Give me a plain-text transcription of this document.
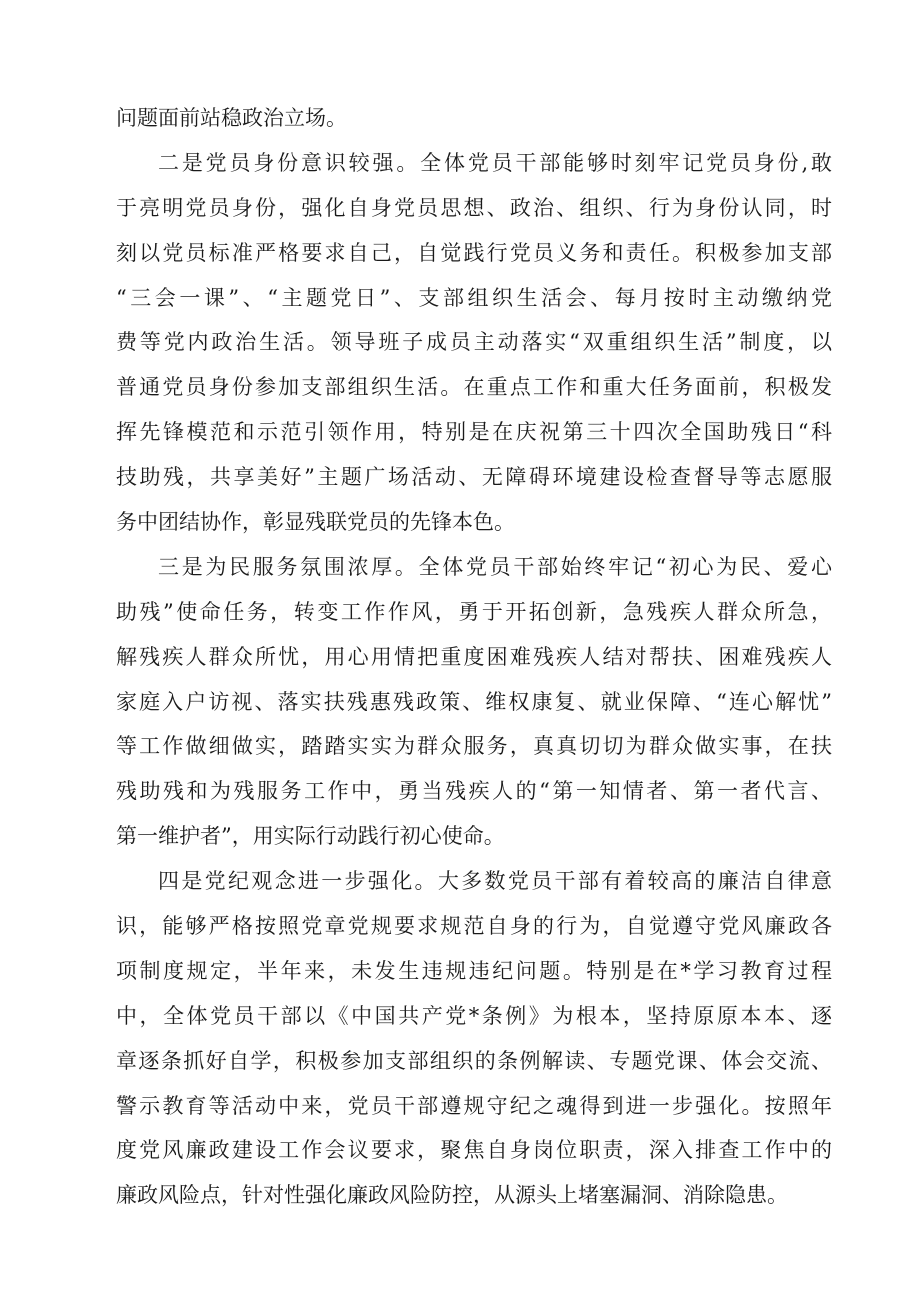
问题面前站稳政治立场。
二是党员身份意识较强。全体党员干部能够时刻牢记党员身份,敢
于亮明党员身份，强化自身党员思想、政治、组织、行为身份认同，时
刻以党员标准严格要求自己，自觉践行党员义务和责任。积极参加支部
“三会一课”、“主题党日”、支部组织生活会、每月按时主动缴纳党
费等党内政治生活。领导班子成员主动落实“双重组织生活”制度，以
普通党员身份参加支部组织生活。在重点工作和重大任务面前，积极发
挥先锋模范和示范引领作用，特别是在庆祝第三十四次全国助残日“科
技助残，共享美好”主题广场活动、无障碍环境建设检查督导等志愿服
务中团结协作，彰显残联党员的先锋本色。
三是为民服务氛围浓厚。全体党员干部始终牢记“初心为民、爱心
助残”使命任务，转变工作作风，勇于开拓创新，急残疾人群众所急，
解残疾人群众所忧，用心用情把重度困难残疾人结对帮扶、困难残疾人
家庭入户访视、落实扶残惠残政策、维权康复、就业保障、“连心解忧”
等工作做细做实，踏踏实实为群众服务，真真切切为群众做实事，在扶
残助残和为残服务工作中，勇当残疾人的“第一知情者、第一者代言、
第一维护者”，用实际行动践行初心使命。
四是党纪观念进一步强化。大多数党员干部有着较高的廉洁自律意
识，能够严格按照党章党规要求规范自身的行为，自觉遵守党风廉政各
项制度规定，半年来，未发生违规违纪问题。特别是在*学习教育过程
中，全体党员干部以《中国共产党*条例》为根本，坚持原原本本、逐
章逐条抓好自学，积极参加支部组织的条例解读、专题党课、体会交流、
警示教育等活动中来，党员干部遵规守纪之魂得到进一步强化。按照年
度党风廉政建设工作会议要求，聚焦自身岗位职责，深入排查工作中的
廉政风险点，针对性强化廉政风险防控，从源头上堵塞漏洞、消除隐患。
